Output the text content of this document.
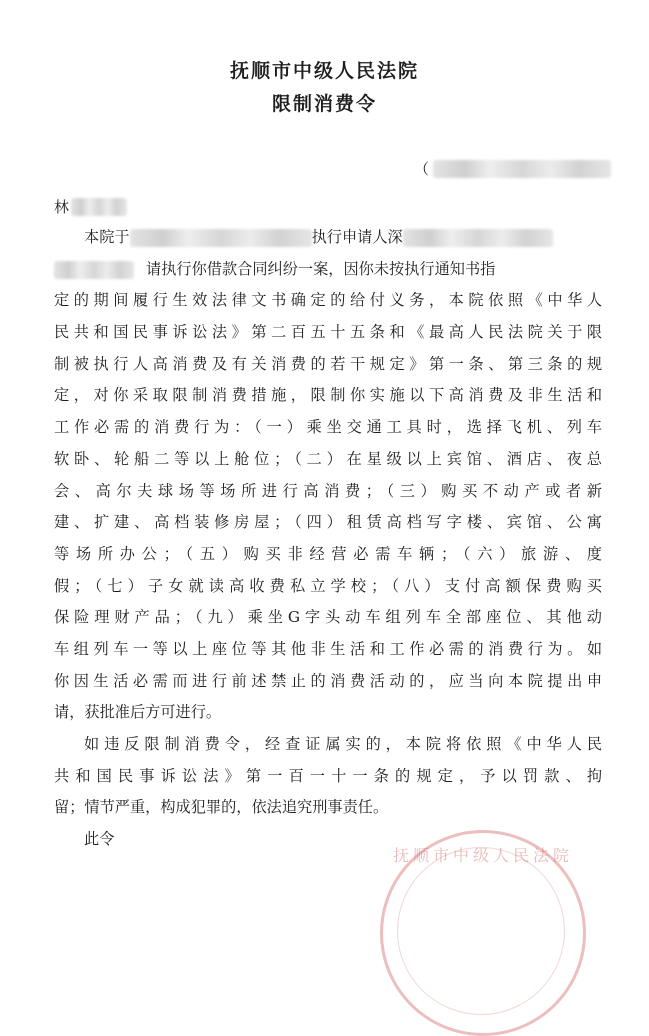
抚顺市中级人民法院
限制消费令
（
林
本院于	执行申请人深
请执行你借款合同纠纷一案，因你未按执行通知书指
定的期间履行生效法律文书确定的给付义务，本院依照《中华人
民共和国民事诉讼法》第二百五十五条和《最高人民法院关于限
制被执行人高消费及有关消费的若干规定》第一条、第三条的规
定，对你采取限制消费措施，限制你实施以下高消费及非生活和
工作必需的消费行为：（一）乘坐交通工具时，选择飞机、列车
软卧、轮船二等以上舱位；（二）在星级以上宾馆、酒店、夜总
会、高尔夫球场等场所进行高消费；（三）购买不动产或者新
建、扩建、高档装修房屋；（四）租赁高档写字楼、宾馆、公寓
等场所办公；（五）购买非经营必需车辆；（六）旅游、度
假；（七）子女就读高收费私立学校；（八）支付高额保费购买
保险理财产品；（九）乘坐G字头动车组列车全部座位、其他动
车组列车一等以上座位等其他非生活和工作必需的消费行为。如
你因生活必需而进行前述禁止的消费活动的，应当向本院提出申
请，获批准后方可进行。
如违反限制消费令，经查证属实的，本院将依照《中华人民
共和国民事诉讼法》第一百一十一条的规定，予以罚款、拘
留；情节严重，构成犯罪的，依法追究刑事责任。
此令
抚顺市中级人民法院
